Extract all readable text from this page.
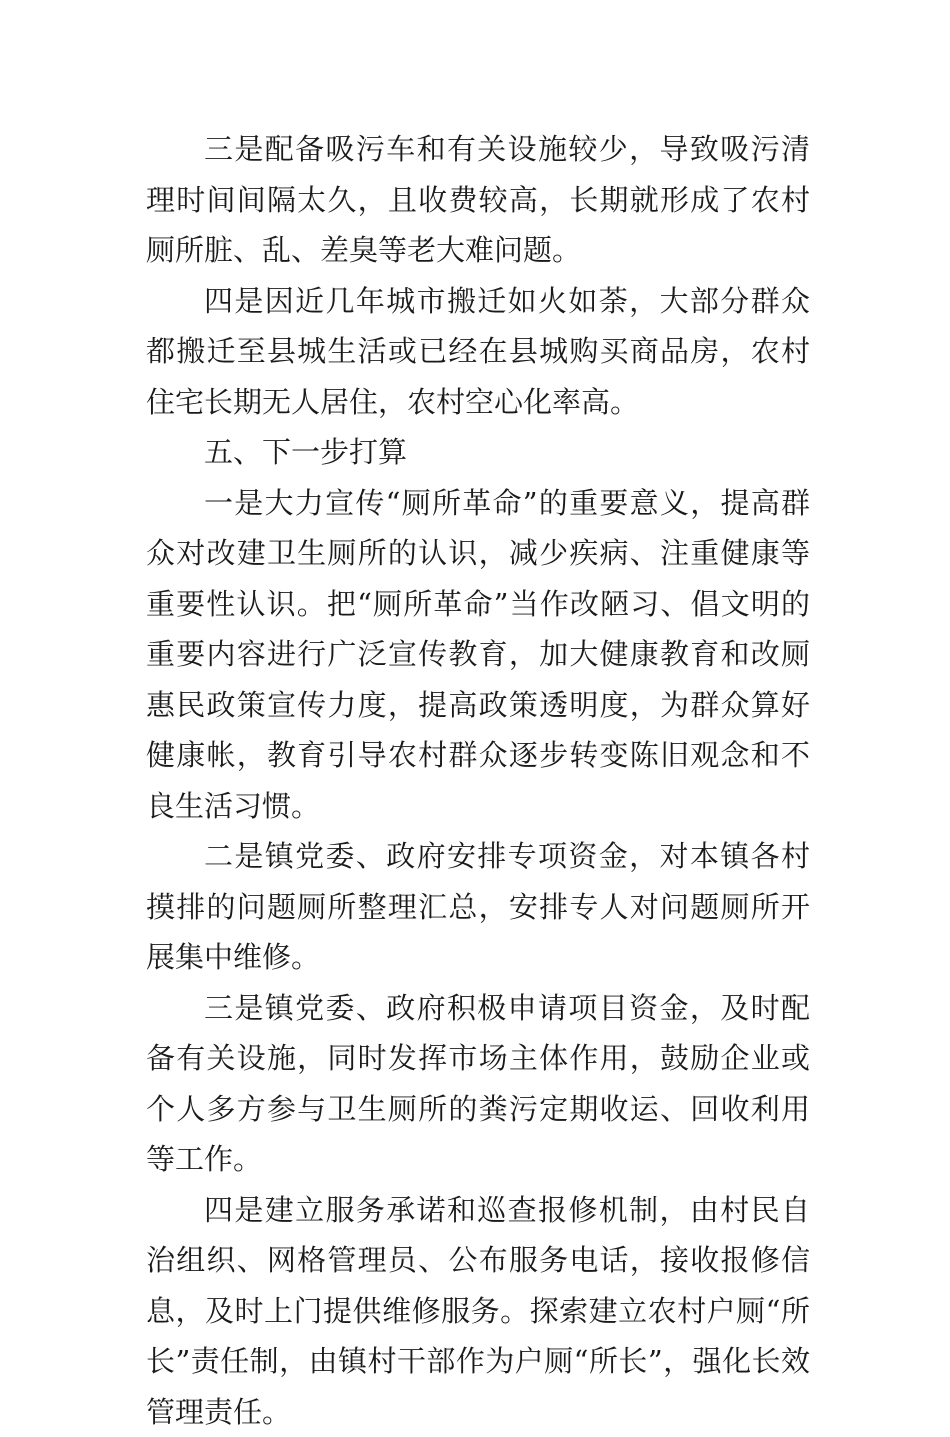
三是配备吸污车和有关设施较少，导致吸污清理时间间隔太久，且收费较高，长期就形成了农村厕所脏、乱、差臭等老大难问题。

四是因近几年城市搬迁如火如荼，大部分群众都搬迁至县城生活或已经在县城购买商品房，农村住宅长期无人居住，农村空心化率高。

五、下一步打算

一是大力宣传“厕所革命”的重要意义，提高群众对改建卫生厕所的认识，减少疾病、注重健康等重要性认识。把“厕所革命”当作改陋习、倡文明的重要内容进行广泛宣传教育，加大健康教育和改厕惠民政策宣传力度，提高政策透明度，为群众算好健康帐，教育引导农村群众逐步转变陈旧观念和不良生活习惯。

二是镇党委、政府安排专项资金，对本镇各村摸排的问题厕所整理汇总，安排专人对问题厕所开展集中维修。

三是镇党委、政府积极申请项目资金，及时配备有关设施，同时发挥市场主体作用，鼓励企业或个人多方参与卫生厕所的粪污定期收运、回收利用等工作。

四是建立服务承诺和巡查报修机制，由村民自治组织、网格管理员、公布服务电话，接收报修信息，及时上门提供维修服务。探索建立农村户厕“所长”责任制，由镇村干部作为户厕“所长”，强化长效管理责任。
